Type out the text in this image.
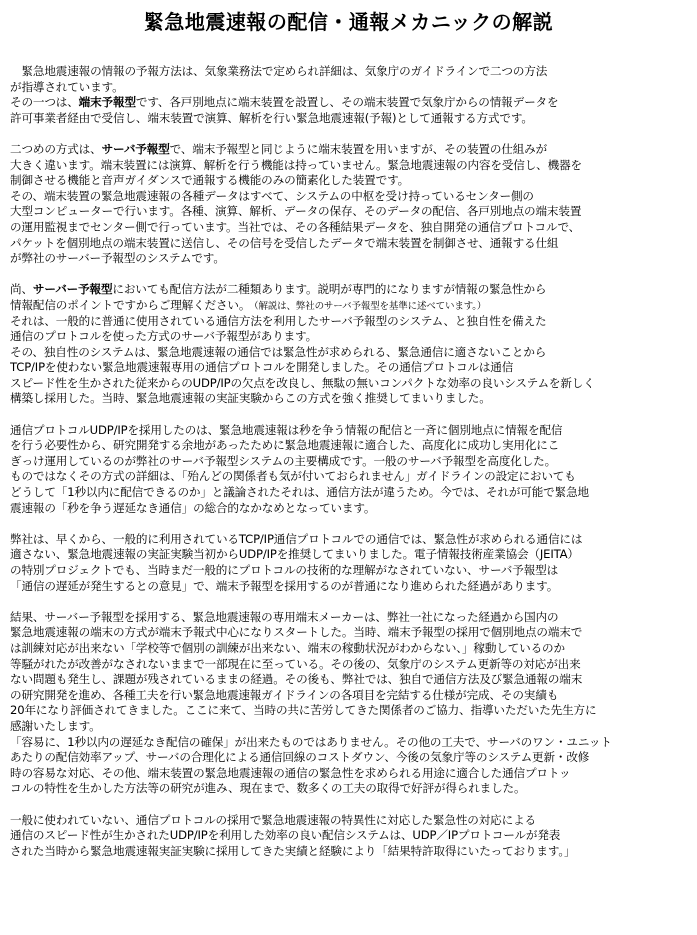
緊急地震速報の配信・通報メカニックの解説
　緊急地震速報の情報の予報方法は、気象業務法で定められ詳細は、気象庁のガイドラインで二つの方法
が指導されています。
その一つは、端末予報型です、各戸別地点に端末装置を設置し、その端末装置で気象庁からの情報データを
許可事業者経由で受信し、端末装置で演算、解析を行い緊急地震速報(予報)として通報する方式です。
二つめの方式は、サーバ予報型で、端末予報型と同じように端末装置を用いますが、その装置の仕組みが
大きく違います。端末装置には演算、解析を行う機能は持っていません。緊急地震速報の内容を受信し、機器を
制御させる機能と音声ガイダンスで通報する機能のみの簡素化した装置です。
その、端末装置の緊急地震速報の各種データはすべて、システムの中枢を受け持っているセンター側の
大型コンピューターで行います。各種、演算、解析、データの保存、そのデータの配信、各戸別地点の端末装置
の運用監視までセンター側で行っています。当社では、その各種結果データを、独自開発の通信プロトコルで、
パケットを個別地点の端末装置に送信し、その信号を受信したデータで端末装置を制御させ、通報する仕組
が弊社のサーバー予報型のシステムです。
尚、サーバー予報型においても配信方法が二種類あります。説明が専門的になりますが情報の緊急性から
情報配信のポイントですからご理解ください。　（解説は、弊社のサーバ予報型を基準に述べています。）
それは、一般的に普通に使用されている通信方法を利用したサーバ予報型のシステム、と独自性を備えた
通信のプロトコルを使った方式のサーバ予報型があります。
その、独自性のシステムは、緊急地震速報の通信では緊急性が求められる、緊急通信に適さないことから
TCP/IPを使わない緊急地震速報専用の通信プロトコルを開発しました。その通信プロトコルは通信
スピード性を生かされた従来からのUDP/IPの欠点を改良し、無駄の無いコンパクトな効率の良いシステムを新しく
構築し採用した。当時、緊急地震速報の実証実験からこの方式を強く推奨してまいりました。
通信プロトコルUDP/IPを採用したのは、緊急地震速報は秒を争う情報の配信と一斉に個別地点に情報を配信
を行う必要性から、研究開発する余地があったために緊急地震速報に適合した、高度化に成功し実用化にこ
ぎっけ運用しているのが弊社のサーバ予報型システムの主要構成です。一般のサーバ予報型を高度化した。
ものではなくその方式の詳細は、「殆んどの関係者も気が付いておられません」ガイドラインの設定においても
どうして「1秒以内に配信できるのか」と議論されたそれは、通信方法が違うため。今では、それが可能で緊急地
震速報の「秒を争う遅延なき通信」の総合的なかなめとなっています。
弊社は、早くから、一般的に利用されているTCP/IP通信プロトコルでの通信では、緊急性が求められる通信には
適さない、緊急地震速報の実証実験当初からUDP/IPを推奨してまいりました。電子情報技術産業協会（JEITA）
の特別プロジェクトでも、当時まだ一般的にプロトコルの技術的な理解がなされていない、サーバ予報型は
「通信の遅延が発生するとの意見」で、端末予報型を採用するのが普通になり進められた経過があります。
結果、サーバー予報型を採用する、緊急地震速報の専用端末メーカーは、弊社一社になった経過から国内の
緊急地震速報の端末の方式が端末予報式中心になりスタートした。当時、端末予報型の採用で個別地点の端末で
は訓練対応が出来ない「学校等で個別の訓練が出来ない、端末の稼動状況がわからない、」稼動しているのか
等騒がれたが改善がなされないままで一部現在に至っている。その後の、気象庁のシステム更新等の対応が出来
ない問題も発生し、課題が残されているままの経過。その後も、弊社では、独自で通信方法及び緊急通報の端末
の研究開発を進め、各種工夫を行い緊急地震速報ガイドラインの各項目を完結する仕様が完成、その実績も
20年になり評価されてきました。ここに来て、当時の共に苦労してきた関係者のご協力、指導いただいた先生方に
感謝いたします。
「容易に、1秒以内の遅延なき配信の確保」が出来たものではありません。その他の工夫で、サーバのワン・ユニット
あたりの配信効率アップ、サーバの合理化による通信回線のコストダウン、今後の気象庁等のシステム更新・改修
時の容易な対応、その他、端末装置の緊急地震速報の通信の緊急性を求められる用途に適合した通信プロトッ
コルの特性を生かした方法等の研究が進み、現在まで、数多くの工夫の取得で好評が得られました。
一般に使われていない、通信プロトコルの採用で緊急地震速報の特異性に対応した緊急性の対応による
通信のスピード性が生かされたUDP/IPを利用した効率の良い配信システムは、UDP／IPプロトコールが発表
された当時から緊急地震速報実証実験に採用してきた実績と経験により「結果特許取得にいたっております。」
